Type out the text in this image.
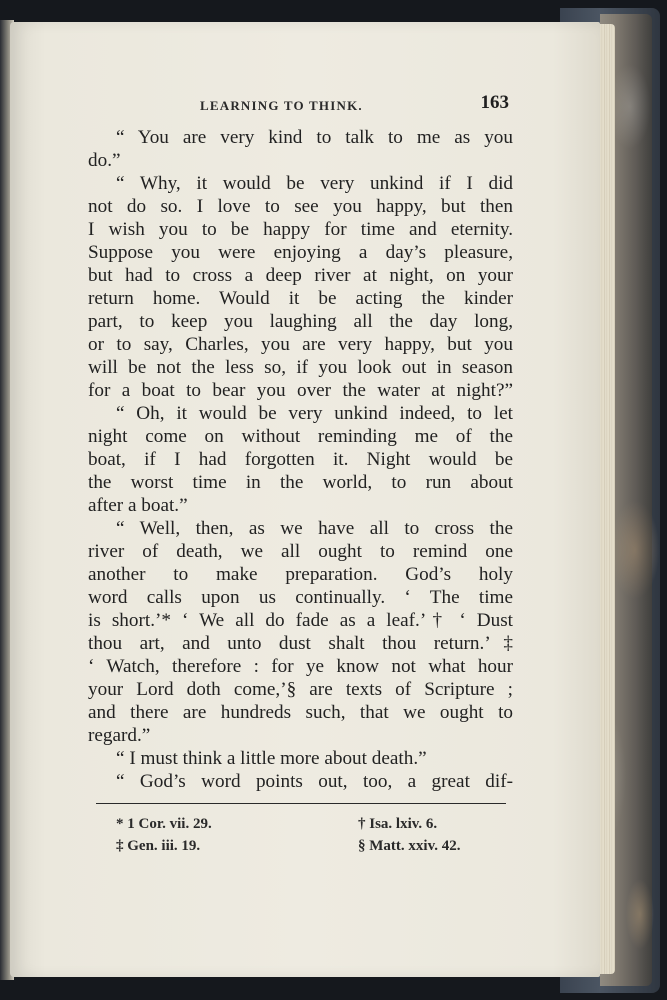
LEARNING TO THINK.	163
“ You are very kind to talk to me as you
do.”
“ Why, it would be very unkind if I did
not do so. I love to see you happy, but then
I wish you to be happy for time and eternity.
Suppose you were enjoying a day’s pleasure,
but had to cross a deep river at night, on your
return home. Would it be acting the kinder
part, to keep you laughing all the day long,
or to say, Charles, you are very happy, but you
will be not the less so, if you look out in season
for a boat to bear you over the water at night?”
“ Oh, it would be very unkind indeed, to let
night come on without reminding me of the
boat, if I had forgotten it. Night would be
the worst time in the world, to run about
after a boat.”
“ Well, then, as we have all to cross the
river of death, we all ought to remind one
another to make preparation. God’s holy
word calls upon us continually. ‘ The time
is short.’* ‘ We all do fade as a leaf.’† ‘ Dust
thou art, and unto dust shalt thou return.’‡
‘ Watch, therefore : for ye know not what hour
your Lord doth come,’§ are texts of Scripture ;
and there are hundreds such, that we ought to
regard.”
“ I must think a little more about death.”
“ God’s word points out, too, a great dif-
* 1 Cor. vii. 29.	† Isa. lxiv. 6.
‡ Gen. iii. 19.	§ Matt. xxiv. 42.
